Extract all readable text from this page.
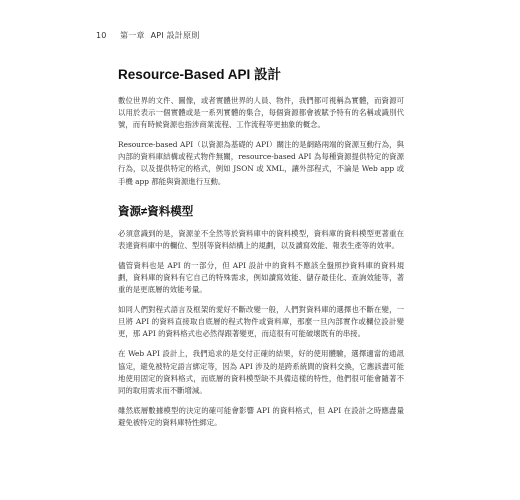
10 第一章 API 設計原則
Resource-Based API 設計

數位世界的文件、圖像，或者實體世界的人員、物件，我們都可視稱為實體，而資源可以用於表示一個實體或是一系列實體的集合，每個資源都會被賦予特有的名稱或識別代號，而有時候資源也指涉商業流程、工作流程等更抽象的概念。

Resource-based API（以資源為基礎的 API）關注的是網路兩端的資源互動行為，與內部的資料庫結構或程式物件無關，resource-based API 為每種資源提供特定的資源行為，以及提供特定的格式，例如 JSON 或 XML，讓外部程式，不論是 Web app 或手機 app 都能與資源進行互動。

資源≠資料模型

必須意識到的是，資源並不全然等於資料庫中的資料模型，資料庫的資料模型更著重在表達資料庫中的欄位、型別等資料結構上的規劃，以及讀寫效能、報表生產等的效率。

儘管資料也是 API 的一部分，但 API 設計中的資料不應該全盤照抄資料庫的資料規劃，資料庫的資料有它自己的特殊需求，例如讀寫效能、儲存最佳化、查詢效能等，著重的是更底層的效能考量。

如同人們對程式語言及框架的愛好不斷改變一般，人們對資料庫的選擇也不斷在變，一旦將 API 的資料直接取自底層的程式物件或資料庫，那麼一旦內部實作或欄位設計變更，那 API 的資料格式也必然得跟著變更，而這很有可能破壞既有的串接。

在 Web API 設計上，我們追求的是交付正確的結果，好的使用體驗，選擇適當的通訊協定，避免被特定語言綁定等，因為 API 涉及的是跨系統間的資料交換，它應該盡可能地使用固定的資料格式，而底層的資料模型缺不具備這樣的特性，他們很可能會隨著不同的取用需求而不斷增減。

雖然底層數據模型的決定的確可能會影響 API 的資料格式，但 API 在設計之時應盡量避免被特定的資料庫特性綁定。
